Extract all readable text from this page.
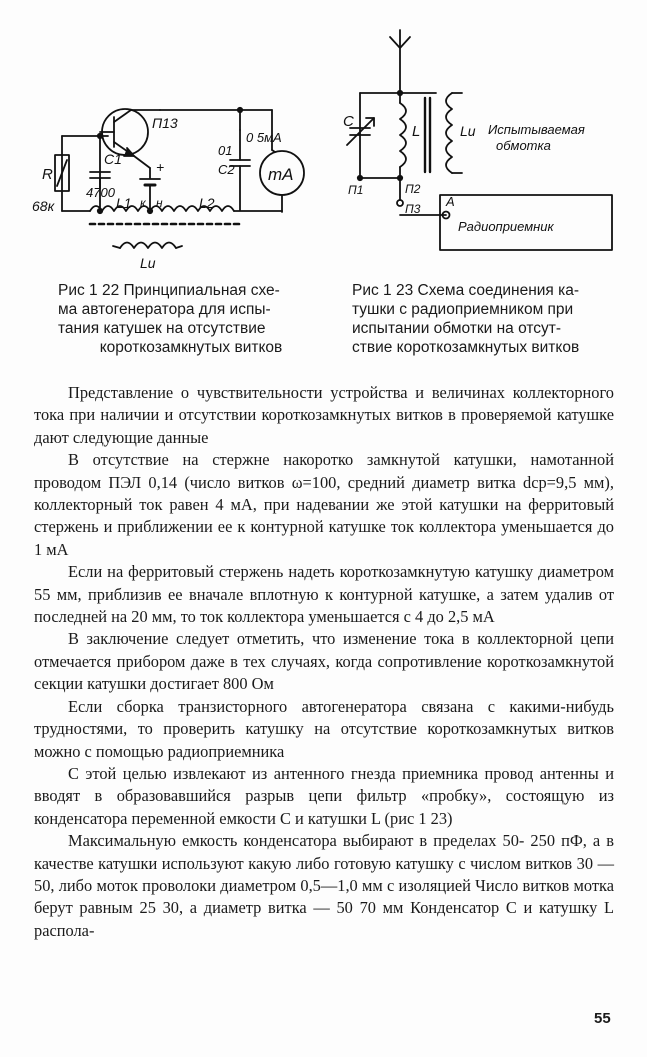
П13
R
68к
C1
4700
L1	L2
к н
+
01
C2
0 5мА
mA
Lи
C
L	Lи Испытываемая
обмотка
П1	П2
П3 A
Радиоприемник
Рис 1 22 Принципиальная схе-
ма автогенератора для испы-
тания катушек на отсутствие

короткозамкнутых витков
Рис 1 23 Схема соединения ка-
тушки с радиоприемником при
испытании обмотки на отсут-
ствие короткозамкнутых витков

Представление о чувствительности устройства и величинах коллекторного тока при наличии и отсутствии короткозамкнутых витков в проверяемой катушке дают следующие данные

В отсутствие на стержне накоротко замкнутой катушки, намотанной проводом ПЭЛ 0,14 (число витков ω=100, средний диаметр витка dср=9,5 мм), коллекторный ток равен 4 мА, при надевании же этой катушки на ферритовый стержень и приближении ее к контурной катушке ток коллектора уменьшается до 1 мА

Если на ферритовый стержень надеть короткозамкнутую катушку диаметром 55 мм, приблизив ее вначале вплотную к контурной катушке, а затем удалив от последней на 20 мм, то ток коллектора уменьшается с 4 до 2,5 мА

В заключение следует отметить, что изменение тока в коллекторной цепи отмечается прибором даже в тех случаях, когда сопротивление короткозамкнутой секции катушки достигает 800 Ом

Если сборка транзисторного автогенератора связана с какими-нибудь трудностями, то проверить катушку на отсутствие короткозамкнутых витков можно с помощью радиоприемника

С этой целью извлекают из антенного гнезда приемника провод антенны и вводят в образовавшийся разрыв цепи фильтр «пробку», состоящую из конденсатора переменной емкости С и катушки L (рис 1 23)

Максимальную емкость конденсатора выбирают в пределах 50- 250 пФ, а в качестве катушки используют какую либо готовую катушку с числом витков 30 — 50, либо моток проволоки диаметром 0,5—1,0 мм с изоляцией Число витков мотка берут равным 25 30, а диаметр витка — 50 70 мм Конденсатор С и катушку L распола-

55
